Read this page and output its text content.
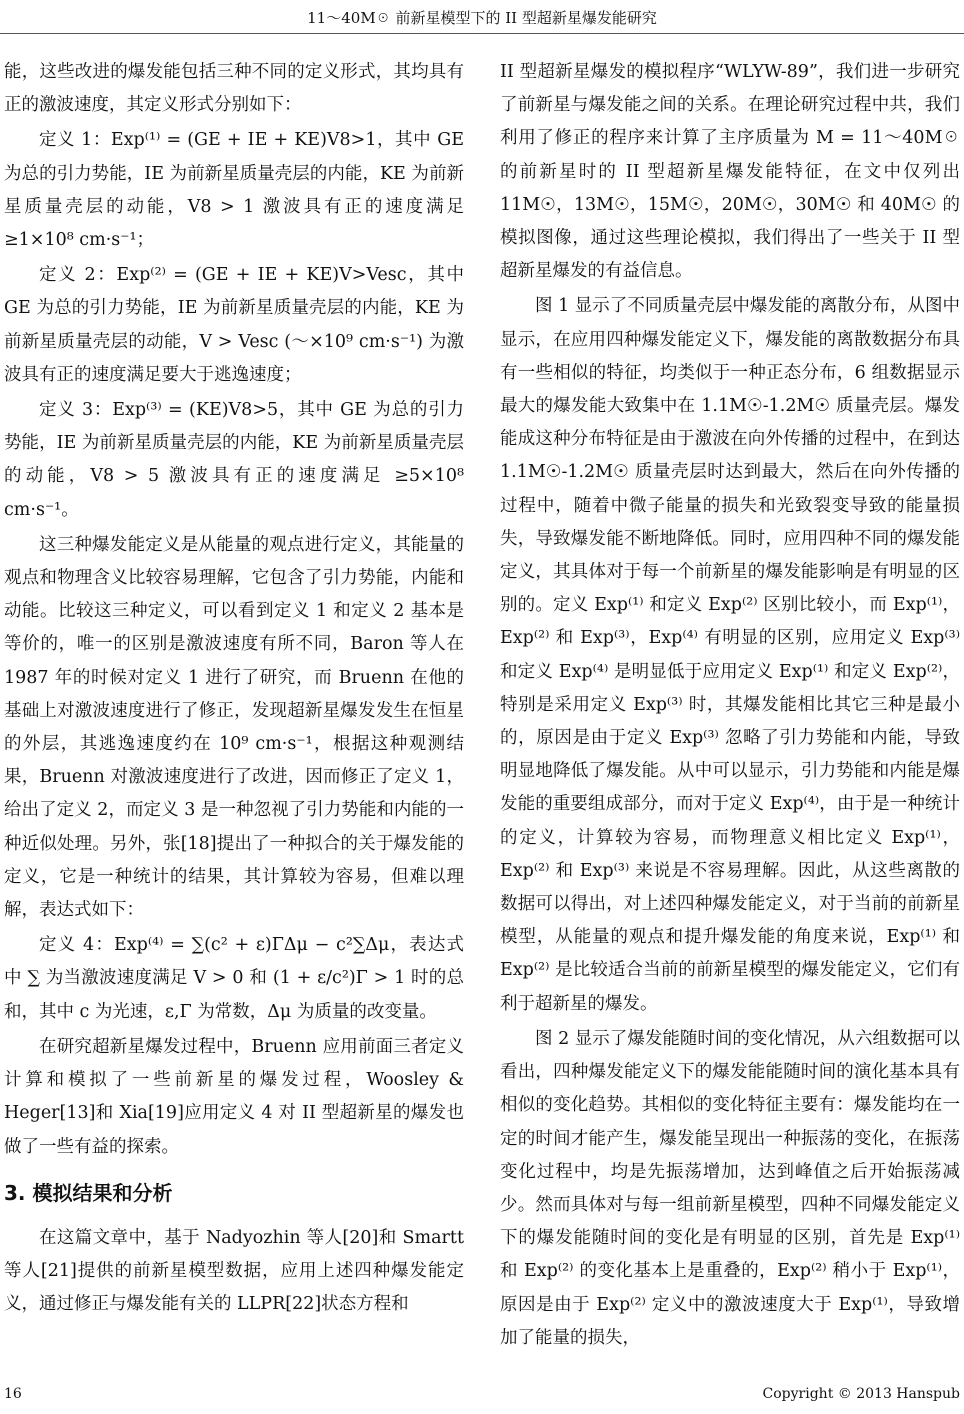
11～40M☉ 前新星模型下的 II 型超新星爆发能研究

能，这些改进的爆发能包括三种不同的定义形式，其均具有正的激波速度，其定义形式分别如下：

定义 1：Exp⁽¹⁾ = (GE + IE + KE)V8>1，其中 GE 为总的引力势能，IE 为前新星质量壳层的内能，KE 为前新星质量壳层的动能，V8 > 1 激波具有正的速度满足 ≥1×10⁸ cm·s⁻¹；

定义 2：Exp⁽²⁾ = (GE + IE + KE)V>Vesc，其中 GE 为总的引力势能，IE 为前新星质量壳层的内能，KE 为前新星质量壳层的动能，V > Vesc (～×10⁹ cm·s⁻¹) 为激波具有正的速度满足要大于逃逸速度；

定义 3：Exp⁽³⁾ = (KE)V8>5，其中 GE 为总的引力势能，IE 为前新星质量壳层的内能，KE 为前新星质量壳层的动能，V8 > 5 激波具有正的速度满足 ≥5×10⁸ cm·s⁻¹。

这三种爆发能定义是从能量的观点进行定义，其能量的观点和物理含义比较容易理解，它包含了引力势能，内能和动能。比较这三种定义，可以看到定义 1 和定义 2 基本是等价的，唯一的区别是激波速度有所不同，Baron 等人在 1987 年的时候对定义 1 进行了研究，而 Bruenn 在他的基础上对激波速度进行了修正，发现超新星爆发发生在恒星的外层，其逃逸速度约在 10⁹ cm·s⁻¹，根据这种观测结果，Bruenn 对激波速度进行了改进，因而修正了定义 1，给出了定义 2，而定义 3 是一种忽视了引力势能和内能的一种近似处理。另外，张[18]提出了一种拟合的关于爆发能的定义，它是一种统计的结果，其计算较为容易，但难以理解，表达式如下：

定义 4：Exp⁽⁴⁾ = ∑(c² + ε)ΓΔμ − c²∑Δμ，表达式中 ∑ 为当激波速度满足 V > 0 和 (1 + ε/c²)Γ > 1 时的总和，其中 c 为光速，ε,Γ 为常数，Δμ 为质量的改变量。

在研究超新星爆发过程中，Bruenn 应用前面三者定义计算和模拟了一些前新星的爆发过程，Woosley & Heger[13]和 Xia[19]应用定义 4 对 II 型超新星的爆发也做了一些有益的探索。

3. 模拟结果和分析

在这篇文章中，基于 Nadyozhin 等人[20]和 Smartt 等人[21]提供的前新星模型数据，应用上述四种爆发能定义，通过修正与爆发能有关的 LLPR[22]状态方程和

II 型超新星爆发的模拟程序“WLYW-89”，我们进一步研究了前新星与爆发能之间的关系。在理论研究过程中共，我们利用了修正的程序来计算了主序质量为 M = 11～40M☉ 的前新星时的 II 型超新星爆发能特征，在文中仅列出 11M☉，13M☉，15M☉，20M☉，30M☉ 和 40M☉ 的模拟图像，通过这些理论模拟，我们得出了一些关于 II 型超新星爆发的有益信息。

图 1 显示了不同质量壳层中爆发能的离散分布，从图中显示，在应用四种爆发能定义下，爆发能的离散数据分布具有一些相似的特征，均类似于一种正态分布，6 组数据显示最大的爆发能大致集中在 1.1M☉-1.2M☉ 质量壳层。爆发能成这种分布特征是由于激波在向外传播的过程中，在到达 1.1M☉-1.2M☉ 质量壳层时达到最大，然后在向外传播的过程中，随着中微子能量的损失和光致裂变导致的能量损失，导致爆发能不断地降低。同时，应用四种不同的爆发能定义，其具体对于每一个前新星的爆发能影响是有明显的区别的。定义 Exp⁽¹⁾ 和定义 Exp⁽²⁾ 区别比较小，而 Exp⁽¹⁾，Exp⁽²⁾ 和 Exp⁽³⁾，Exp⁽⁴⁾ 有明显的区别，应用定义 Exp⁽³⁾ 和定义 Exp⁽⁴⁾ 是明显低于应用定义 Exp⁽¹⁾ 和定义 Exp⁽²⁾，特别是采用定义 Exp⁽³⁾ 时，其爆发能相比其它三种是最小的，原因是由于定义 Exp⁽³⁾ 忽略了引力势能和内能，导致明显地降低了爆发能。从中可以显示，引力势能和内能是爆发能的重要组成部分，而对于定义 Exp⁽⁴⁾，由于是一种统计的定义，计算较为容易，而物理意义相比定义 Exp⁽¹⁾，Exp⁽²⁾ 和 Exp⁽³⁾ 来说是不容易理解。因此，从这些离散的数据可以得出，对上述四种爆发能定义，对于当前的前新星模型，从能量的观点和提升爆发能的角度来说，Exp⁽¹⁾ 和 Exp⁽²⁾ 是比较适合当前的前新星模型的爆发能定义，它们有利于超新星的爆发。

图 2 显示了爆发能随时间的变化情况，从六组数据可以看出，四种爆发能定义下的爆发能能随时间的演化基本具有相似的变化趋势。其相似的变化特征主要有：爆发能均在一定的时间才能产生，爆发能呈现出一种振荡的变化，在振荡变化过程中，均是先振荡增加，达到峰值之后开始振荡减少。然而具体对与每一组前新星模型，四种不同爆发能定义下的爆发能随时间的变化是有明显的区别，首先是 Exp⁽¹⁾ 和 Exp⁽²⁾ 的变化基本上是重叠的，Exp⁽²⁾ 稍小于 Exp⁽¹⁾，原因是由于 Exp⁽²⁾ 定义中的激波速度大于 Exp⁽¹⁾，导致增加了能量的损失，

16	Copyright © 2013 Hanspub
